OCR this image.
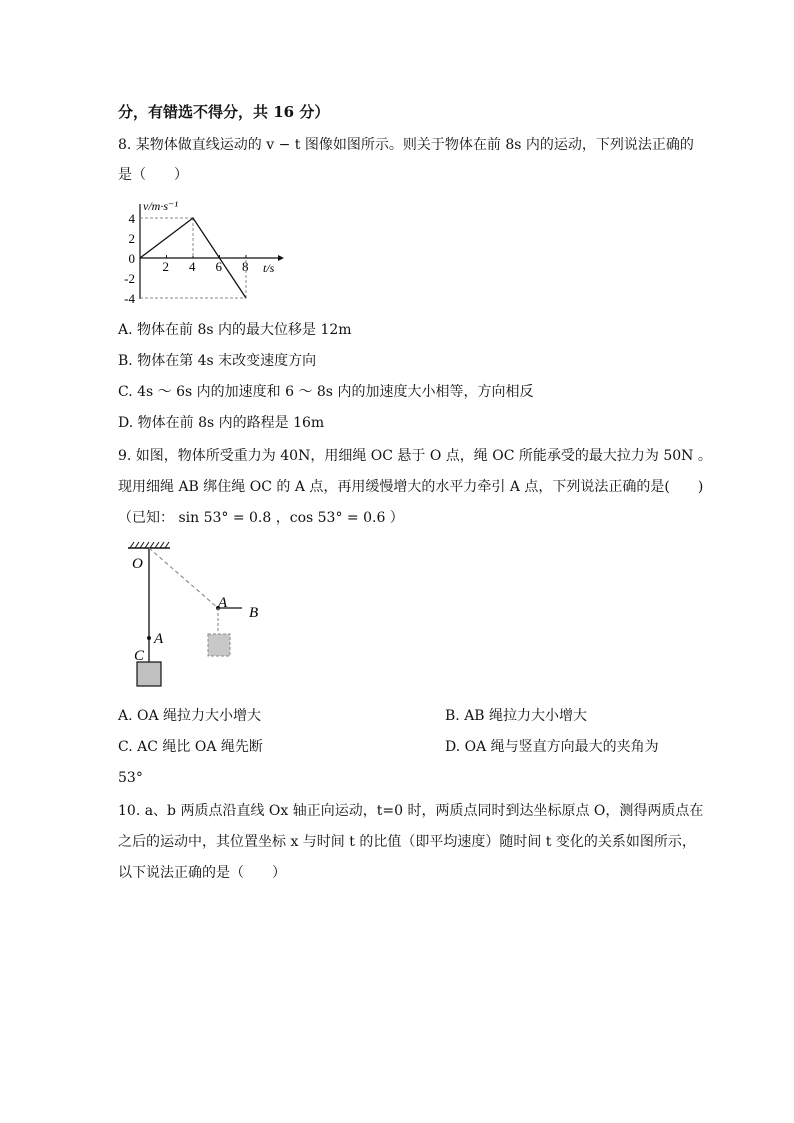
分，有错选不得分，共 16 分）
8. 某物体做直线运动的 v − t 图像如图所示。则关于物体在前 8s 内的运动，下列说法正确的
是（　　）
2 4 6 8
4
2
0
-2
-4
v/m·s⁻¹
t/s
A. 物体在前 8s 内的最大位移是 12m
B. 物体在第 4s 末改变速度方向
C. 4s ～ 6s 内的加速度和 6 ～ 8s 内的加速度大小相等，方向相反
D. 物体在前 8s 内的路程是 16m
9. 如图，物体所受重力为 40N，用细绳 OC 悬于 O 点，绳 OC 所能承受的最大拉力为 50N 。
现用细绳 AB 绑住绳 OC 的 A 点，再用缓慢增大的水平力牵引 A 点，下列说法正确的是(　　)
（已知： sin 53° = 0.8 ，cos 53° = 0.6 ）
O
A
C
A
B
A. OA 绳拉力大小增大	B. AB 绳拉力大小增大
C. AC 绳比 OA 绳先断	D. OA 绳与竖直方向最大的夹角为
53°
10. a、b 两质点沿直线 Ox 轴正向运动，t=0 时，两质点同时到达坐标原点 O，测得两质点在
之后的运动中，其位置坐标 x 与时间 t 的比值（即平均速度）随时间 t 变化的关系如图所示，
以下说法正确的是（　　）
